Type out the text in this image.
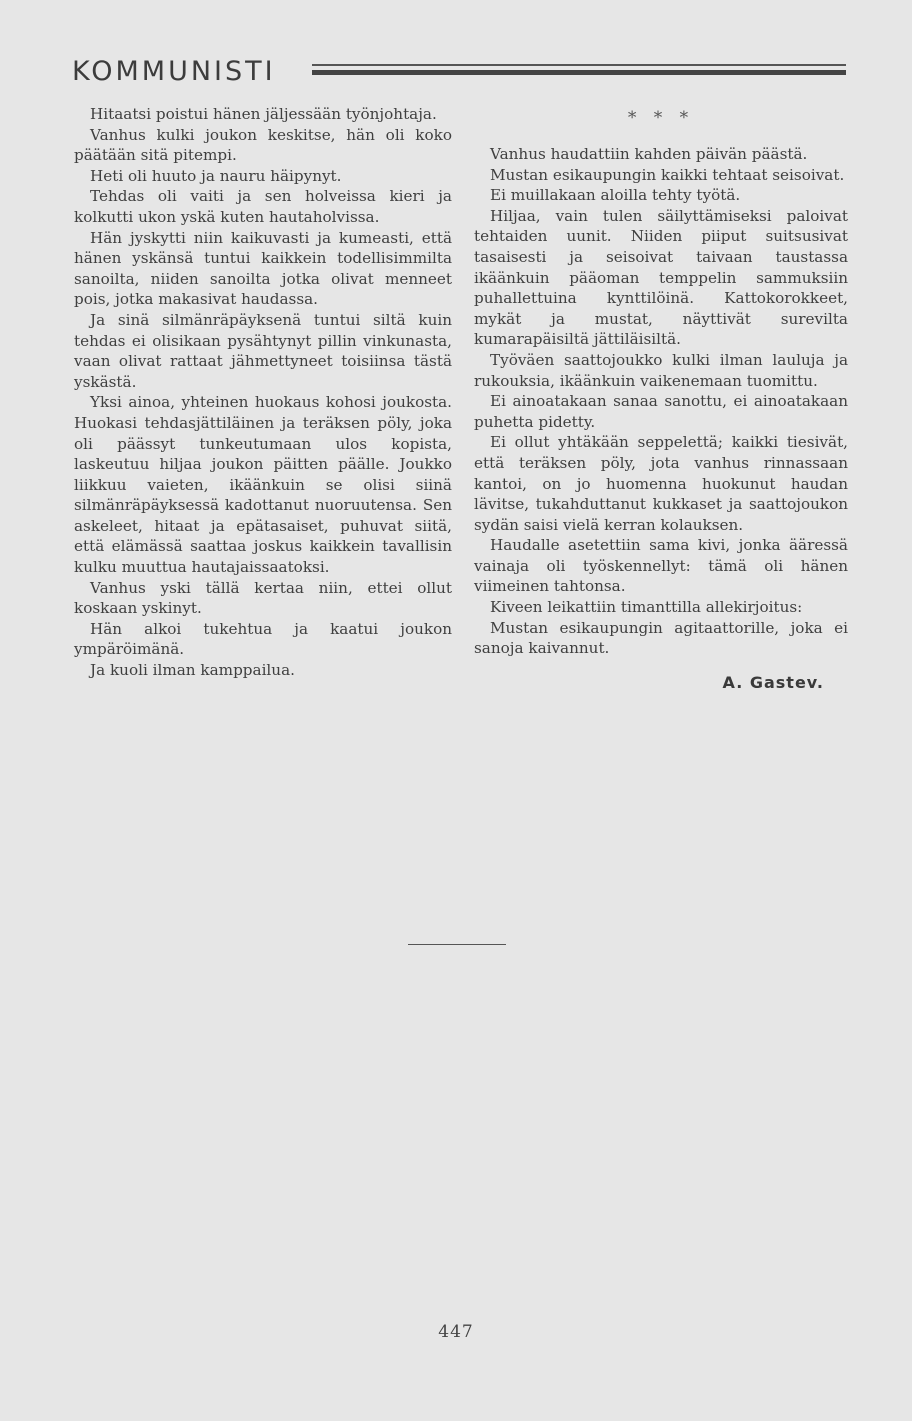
KOMMUNISTI

Hitaatsi poistui hänen jäljessään työnjohtaja.

Vanhus kulki joukon keskitse, hän oli koko päätään sitä pitempi.

Heti oli huuto ja nauru häipynyt.

Tehdas oli vaiti ja sen holveissa kieri ja kolkutti ukon yskä kuten hautaholvissa.

Hän jyskytti niin kaikuvasti ja kumeasti, että hänen yskänsä tuntui kaikkein todellisimmilta sanoilta, niiden sanoilta jotka olivat menneet pois, jotka makasivat haudassa.

Ja sinä silmänräpäyksenä tuntui siltä kuin tehdas ei olisikaan pysähtynyt pillin vinkunasta, vaan olivat rattaat jähmettyneet toisiinsa tästä yskästä.

Yksi ainoa, yhteinen huokaus kohosi joukosta. Huokasi tehdasjättiläinen ja teräksen pöly, joka oli päässyt tunkeutumaan ulos kopista, laskeutuu hiljaa joukon päitten päälle. Joukko liikkuu vaieten, ikäänkuin se olisi siinä silmänräpäyksessä kadottanut nuoruutensa. Sen askeleet, hitaat ja epätasaiset, puhuvat siitä, että elämässä saattaa joskus kaikkein tavallisin kulku muuttua hautajaissaatoksi.

Vanhus yski tällä kertaa niin, ettei ollut koskaan yskinyt.

Hän alkoi tukehtua ja kaatui joukon ympäröimänä.

Ja kuoli ilman kamppailua.

* * *

Vanhus haudattiin kahden päivän päästä.

Mustan esikaupungin kaikki tehtaat seisoivat.

Ei muillakaan aloilla tehty työtä.

Hiljaa, vain tulen säilyttämiseksi paloivat tehtaiden uunit. Niiden piiput suitsusivat tasaisesti ja seisoivat taivaan taustassa ikäänkuin pääoman temppelin sammuksiin puhallettuina kynttilöinä. Kattokorokkeet, mykät ja mustat, näyttivät surevilta kumarapäisiltä jättiläisiltä.

Työväen saattojoukko kulki ilman lauluja ja rukouksia, ikäänkuin vaikenemaan tuomittu.

Ei ainoatakaan sanaa sanottu, ei ainoatakaan puhetta pidetty.

Ei ollut yhtäkään seppelettä; kaikki tiesivät, että teräksen pöly, jota vanhus rinnassaan kantoi, on jo huomenna huokunut haudan lävitse, tukahduttanut kukkaset ja saattojoukon sydän saisi vielä kerran kolauksen.

Haudalle asetettiin sama kivi, jonka ääressä vainaja oli työskennellyt: tämä oli hänen viimeinen tahtonsa.

Kiveen leikattiin timanttilla allekirjoitus:

Mustan esikaupungin agitaattorille, joka ei sanoja kaivannut.

A. Gastev.
447
